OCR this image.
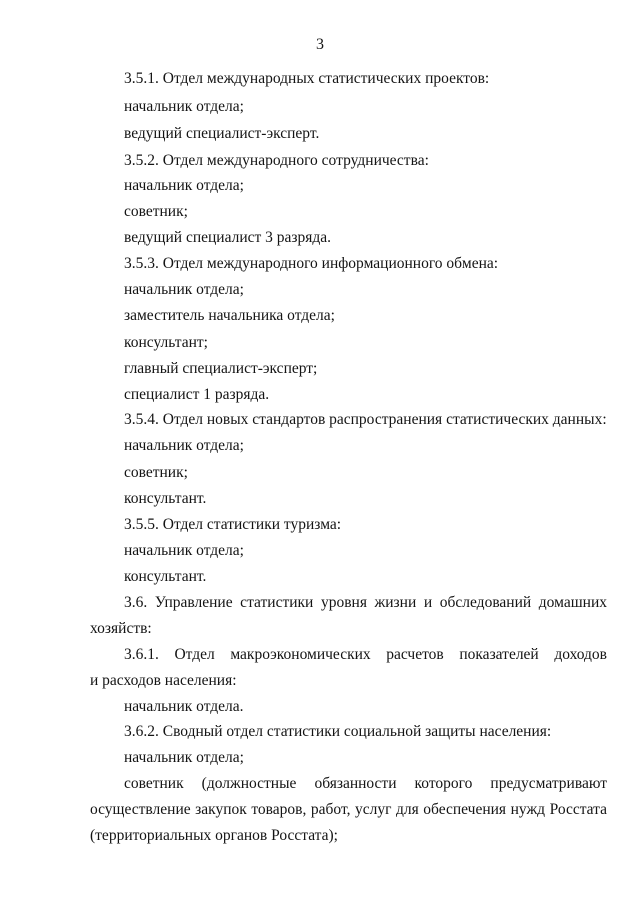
3
3.5.1. Отдел международных статистических проектов:
начальник отдела;
ведущий специалист-эксперт.
3.5.2. Отдел международного сотрудничества:
начальник отдела;
советник;
ведущий специалист 3 разряда.
3.5.3. Отдел международного информационного обмена:
начальник отдела;
заместитель начальника отдела;
консультант;
главный специалист-эксперт;
специалист 1 разряда.
3.5.4. Отдел новых стандартов распространения статистических данных:
начальник отдела;
советник;
консультант.
3.5.5. Отдел статистики туризма:
начальник отдела;
консультант.
3.6. Управление статистики уровня жизни и обследований домашних
хозяйств:
3.6.1. Отдел макроэкономических расчетов показателей доходов
и расходов населения:
начальник отдела.
3.6.2. Сводный отдел статистики социальной защиты населения:
начальник отдела;
советник (должностные обязанности которого предусматривают
осуществление закупок товаров, работ, услуг для обеспечения нужд Росстата
(территориальных органов Росстата);
